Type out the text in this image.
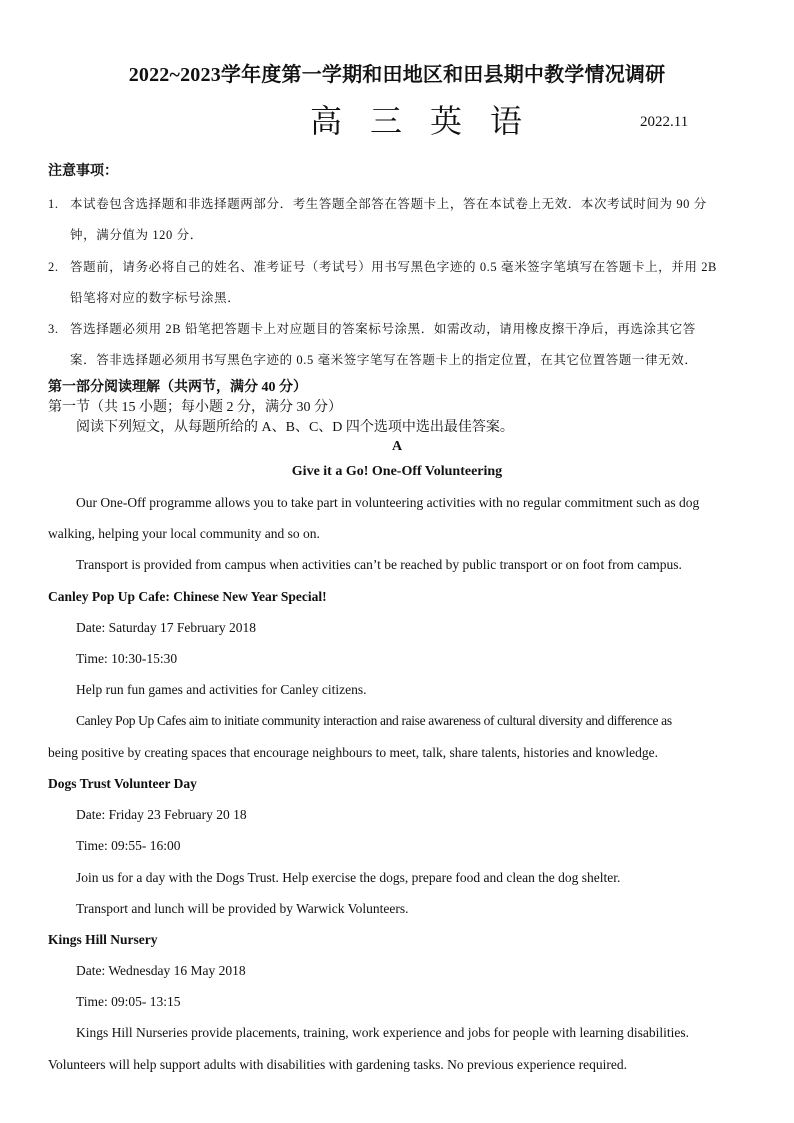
2022~2023学年度第一学期和田地区和田县期中教学情况调研
高三英语	2022.11
注意事项：
1. 本试卷包含选择题和非选择题两部分．考生答题全部答在答题卡上，答在本试卷上无效．本次考试时间为 90 分
钟，满分值为 120 分．
2. 答题前，请务必将自己的姓名、准考证号（考试号）用书写黑色字迹的 0.5 毫米签字笔填写在答题卡上，并用 2B
铅笔将对应的数字标号涂黑．
3. 答选择题必须用 2B 铅笔把答题卡上对应题目的答案标号涂黑．如需改动，请用橡皮擦干净后，再选涂其它答
案．答非选择题必须用书写黑色字迹的 0.5 毫米签字笔写在答题卡上的指定位置，在其它位置答题一律无效．
第一部分阅读理解（共两节，满分 40 分）
第一节（共 15 小题；每小题 2 分，满分 30 分）
阅读下列短文，从每题所给的 A、B、C、D 四个选项中选出最佳答案。
A
Give it a Go! One-Off Volunteering
Our One-Off programme allows you to take part in volunteering activities with no regular commitment such as dog
walking, helping your local community and so on.
Transport is provided from campus when activities can’t be reached by public transport or on foot from campus.
Canley Pop Up Cafe: Chinese New Year Special!
Date: Saturday 17 February 2018
Time: 10:30-15:30
Help run fun games and activities for Canley citizens.
Canley Pop Up Cafes aim to initiate community interaction and raise awareness of cultural diversity and difference as
being positive by creating spaces that encourage neighbours to meet, talk, share talents, histories and knowledge.
Dogs Trust Volunteer Day
Date: Friday 23 February 20 18
Time: 09:55- 16:00
Join us for a day with the Dogs Trust. Help exercise the dogs, prepare food and clean the dog shelter.
Transport and lunch will be provided by Warwick Volunteers.
Kings Hill Nursery
Date: Wednesday 16 May 2018
Time: 09:05- 13:15
Kings Hill Nurseries provide placements, training, work experience and jobs for people with learning disabilities.
Volunteers will help support adults with disabilities with gardening tasks. No previous experience required.
